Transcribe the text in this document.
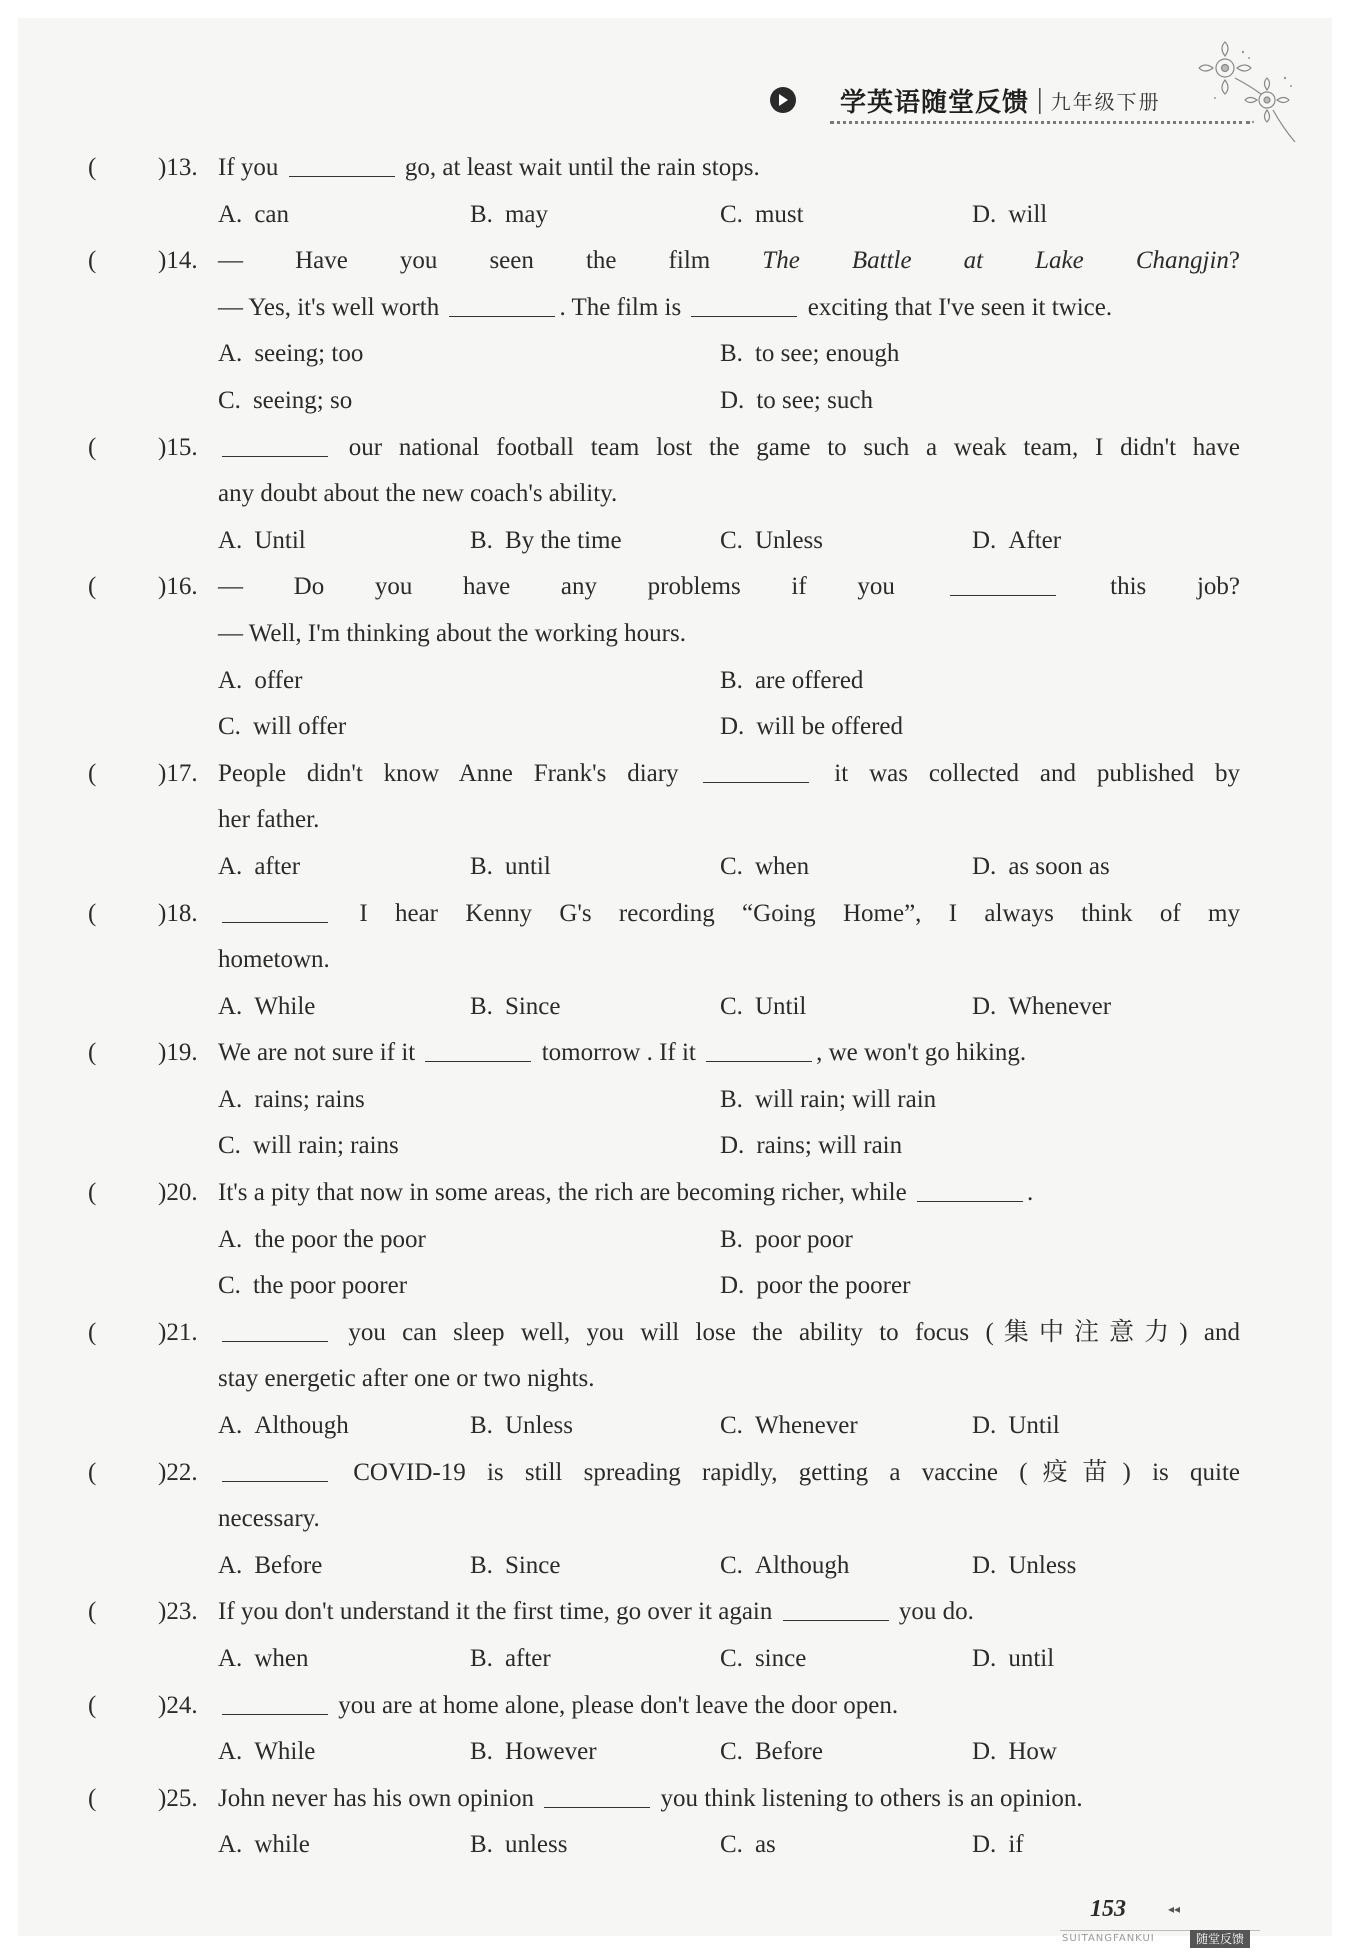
学英语随堂反馈 | 九年级下册
( )13. If you	go, at least wait until the rain stops.
A. can	B. may	C. must	D. will
( )14. — Have you seen the film The Battle at Lake Changjin?
— Yes, it's well worth	. The film is	exciting that I've seen it twice.
A. seeing; too	B. to see; enough
C. seeing; so	D. to see; such
( )15.	our national football team lost the game to such a weak team, I didn't have
any doubt about the new coach's ability.
A. Until	B. By the time	C. Unless	D. After
( )16. — Do you have any problems if you	this job?
— Well, I'm thinking about the working hours.
A. offer	B. are offered
C. will offer	D. will be offered
( )17. People didn't know Anne Frank's diary	it was collected and published by
her father.
A. after	B. until	C. when	D. as soon as
( )18.	I hear Kenny G's recording “Going Home”, I always think of my
hometown.
A. While	B. Since	C. Until	D. Whenever
( )19. We are not sure if it	tomorrow . If it	, we won't go hiking.
A. rains; rains	B. will rain; will rain
C. will rain; rains	D. rains; will rain
( )20. It's a pity that now in some areas, the rich are becoming richer, while	.
A. the poor the poor	B. poor poor
C. the poor poorer	D. poor the poorer
( )21.	you can sleep well, you will lose the ability to focus (集中注意力) and
stay energetic after one or two nights.
A. Although	B. Unless	C. Whenever	D. Until
( )22.	COVID-19 is still spreading rapidly, getting a vaccine (疫苗) is quite
necessary.
A. Before	B. Since	C. Although	D. Unless
( )23. If you don't understand it the first time, go over it again	you do.
A. when	B. after	C. since	D. until
( )24.	you are at home alone, please don't leave the door open.
A. While	B. However	C. Before	D. How
( )25. John never has his own opinion	you think listening to others is an opinion.
A. while	B. unless	C. as	D. if
153	◂◂
SUITANGFANKUI	随堂反馈
